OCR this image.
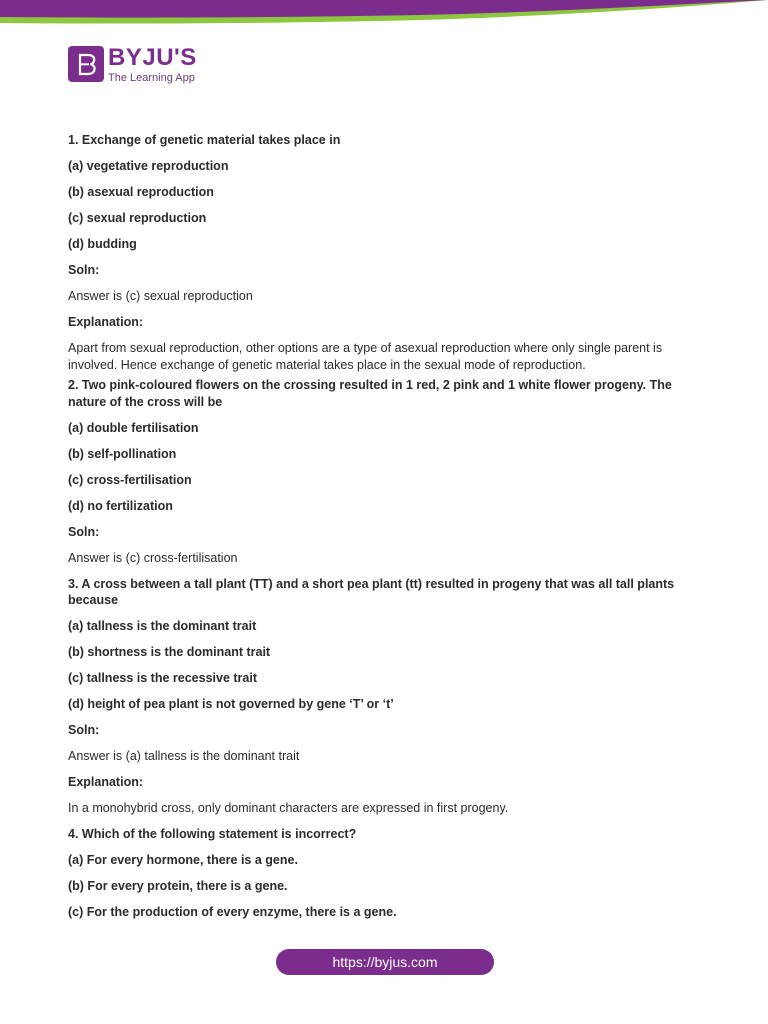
BYJU'S
The Learning App

1. Exchange of genetic material takes place in

(a) vegetative reproduction

(b) asexual reproduction

(c) sexual reproduction

(d) budding

Soln:

Answer is (c) sexual reproduction

Explanation:

Apart from sexual reproduction, other options are a type of asexual reproduction where only single parent is involved. Hence exchange of genetic material takes place in the sexual mode of reproduction.

2. Two pink-coloured flowers on the crossing resulted in 1 red, 2 pink and 1 white flower progeny. The nature of the cross will be

(a) double fertilisation

(b) self-pollination

(c) cross-fertilisation

(d) no fertilization

Soln:

Answer is (c) cross-fertilisation

3. A cross between a tall plant (TT) and a short pea plant (tt) resulted in progeny that was all tall plants because

(a) tallness is the dominant trait

(b) shortness is the dominant trait

(c) tallness is the recessive trait

(d) height of pea plant is not governed by gene ‘T’ or ‘t’

Soln:

Answer is (a) tallness is the dominant trait

Explanation:

In a monohybrid cross, only dominant characters are expressed in first progeny.

4. Which of the following statement is incorrect?

(a) For every hormone, there is a gene.

(b) For every protein, there is a gene.

(c) For the production of every enzyme, there is a gene.

https://byjus.com
